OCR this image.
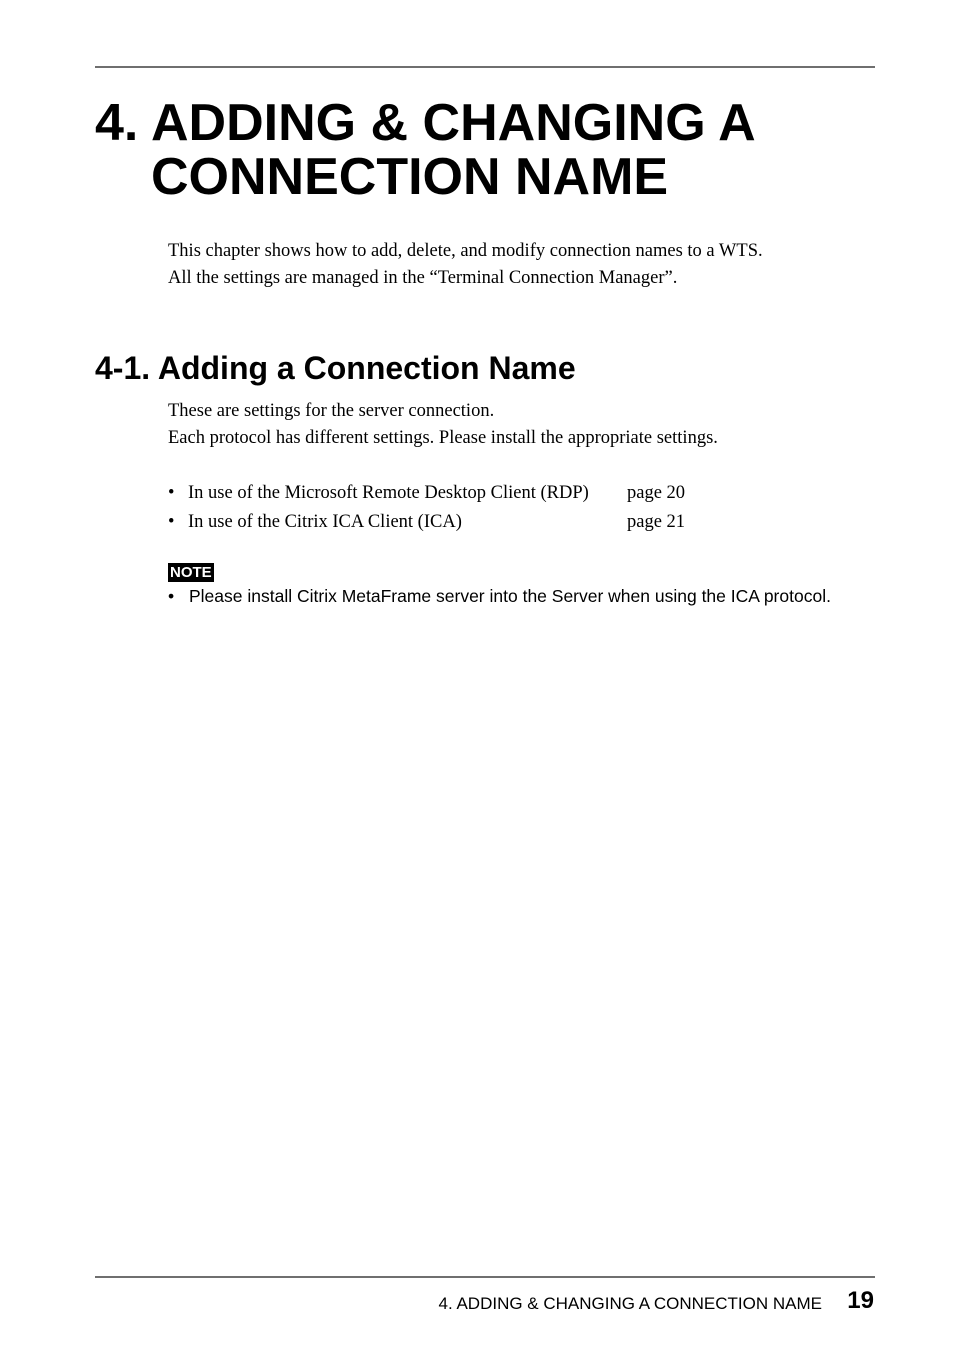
4. ADDING & CHANGING A
CONNECTION NAME

This chapter shows how to add, delete, and modify connection names to a WTS.

All the settings are managed in the “Terminal Connection Manager”.

4-1. Adding a Connection Name

These are settings for the server connection.

Each protocol has different settings. Please install the appropriate settings.

• In use of the Microsoft Remote Desktop Client (RDP) page 20
• In use of the Citrix ICA Client (ICA)	page 21
NOTE

• Please install Citrix MetaFrame server into the Server when using the ICA protocol.

4. ADDING & CHANGING A CONNECTION NAME 19
